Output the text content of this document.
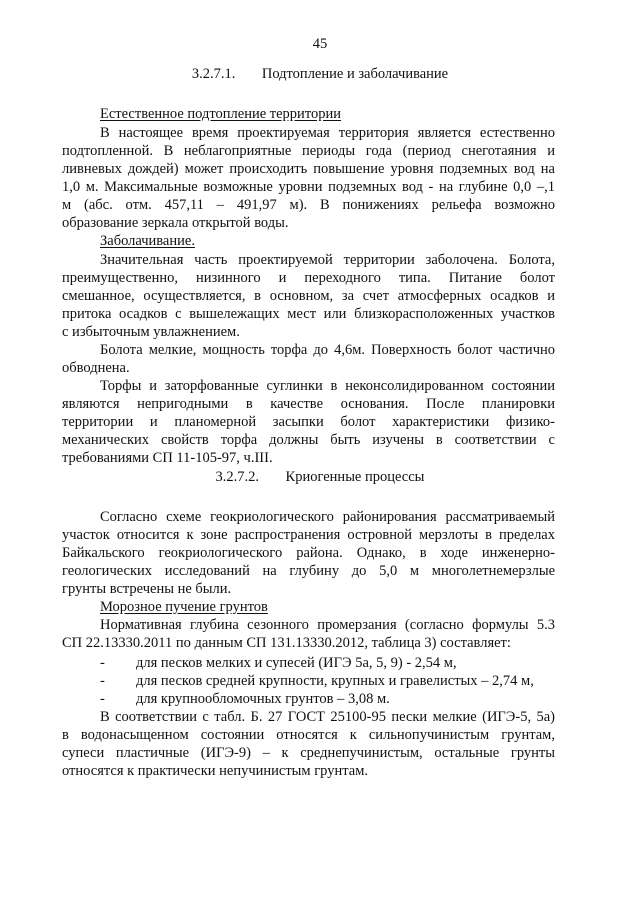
45
3.2.7.1. Подтопление и заболачивание
Естественное подтопление территории
В настоящее время проектируемая территория является естественно
подтопленной. В неблагоприятные периоды года (период снеготаяния и
ливневых дождей) может происходить повышение уровня подземных вод на
1,0 м. Максимальные возможные уровни подземных вод - на глубине 0,0 –,1
м (абс. отм. 457,11 – 491,97 м). В понижениях рельефа возможно
образование зеркала открытой воды.
Заболачивание.
Значительная часть проектируемой территории заболочена. Болота,
преимущественно, низинного и переходного типа. Питание болот
смешанное, осуществляется, в основном, за счет атмосферных осадков и
притока осадков с вышележащих мест или близкорасположенных участков
с избыточным увлажнением.
Болота мелкие, мощность торфа до 4,6м. Поверхность болот частично
обводнена.
Торфы и заторфованные суглинки в неконсолидированном состоянии
являются непригодными в качестве основания. После планировки
территории и планомерной засыпки болот характеристики физико-
механических свойств торфа должны быть изучены в соответствии с
требованиями СП 11-105-97, ч.III.
3.2.7.2. Криогенные процессы
Согласно схеме геокриологического районирования рассматриваемый
участок относится к зоне распространения островной мерзлоты в пределах
Байкальского геокриологического района. Однако, в ходе инженерно-
геологических исследований на глубину до 5,0 м многолетнемерзлые
грунты встречены не были.
Морозное пучение грунтов
Нормативная глубина сезонного промерзания (согласно формулы 5.3
СП 22.13330.2011 по данным СП 131.13330.2012, таблица 3) составляет:
- для песков мелких и супесей (ИГЭ 5а, 5, 9) - 2,54 м,
- для песков средней крупности, крупных и гравелистых – 2,74 м,
- для крупнообломочных грунтов – 3,08 м.
В соответствии с табл. Б. 27 ГОСТ 25100-95 пески мелкие (ИГЭ-5, 5а)
в водонасыщенном состоянии относятся к сильнопучинистым грунтам,
супеси пластичные (ИГЭ-9) – к среднепучинистым, остальные грунты
относятся к практически непучинистым грунтам.
